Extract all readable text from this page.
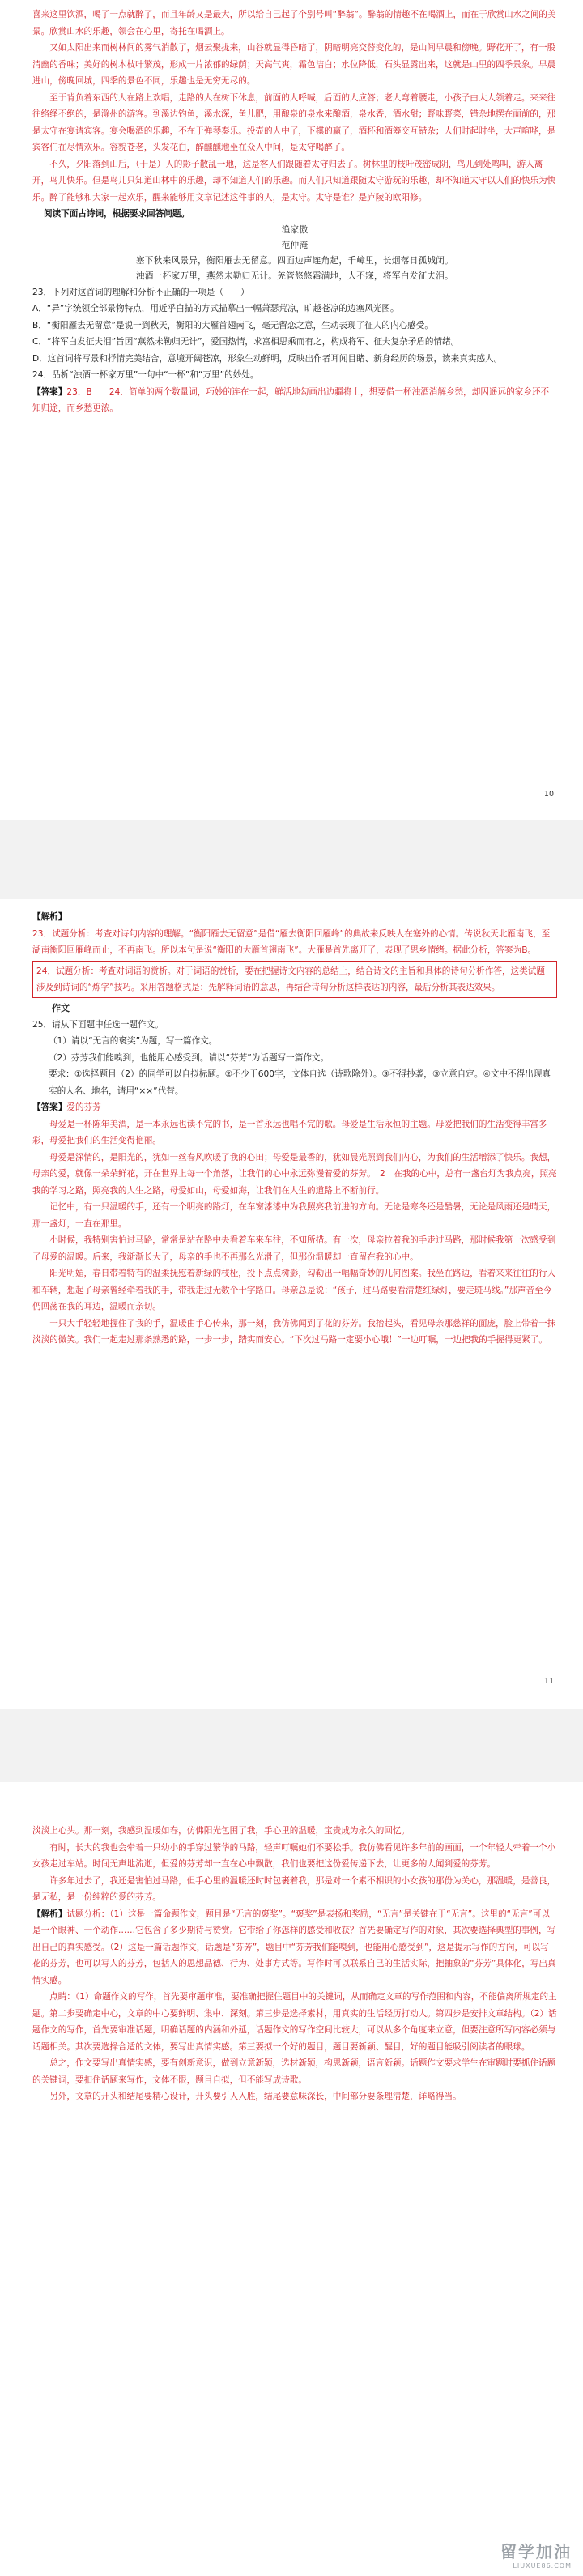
喜来这里饮酒，喝了一点就醉了，而且年龄又是最大，所以给自己起了个别号叫“醉翁”。醉翁的情趣不在喝酒上，而在于欣赏山水之间的美景。欣赏山水的乐趣，领会在心里，寄托在喝酒上。

又如太阳出来而树林间的雾气消散了，烟云聚拢来，山谷就显得昏暗了，阴暗明亮交替变化的，是山间早晨和傍晚。野花开了，有一股清幽的香味；美好的树木枝叶繁茂，形成一片浓郁的绿荫；天高气爽，霜色洁白；水位降低，石头显露出来，这就是山里的四季景象。早晨进山，傍晚回城，四季的景色不同，乐趣也是无穷无尽的。

至于背负着东西的人在路上欢唱，走路的人在树下休息，前面的人呼喊，后面的人应答；老人弯着腰走，小孩子由大人领着走。来来往往络绎不绝的，是滁州的游客。到溪边钓鱼，溪水深，鱼儿肥，用酿泉的泉水来酿酒，泉水香，酒水甜；野味野菜，错杂地摆在面前的，那是太守在宴请宾客。宴会喝酒的乐趣，不在于弹琴奏乐。投壶的人中了，下棋的赢了，酒杯和酒筹交互错杂；人们时起时坐，大声喧哗，是宾客们在尽情欢乐。容貌苍老，头发花白，醉醺醺地坐在众人中间，是太守喝醉了。

不久，夕阳落到山后，（于是）人的影子散乱一地，这是客人们跟随着太守归去了。树林里的枝叶茂密成阴，鸟儿到处鸣叫，游人离开，鸟儿快乐。但是鸟儿只知道山林中的乐趣，却不知道人们的乐趣。而人们只知道跟随太守游玩的乐趣，却不知道太守以人们的快乐为快乐。醉了能够和大家一起欢乐，醒来能够用文章记述这件事的人，是太守。太守是谁？是庐陵的欧阳修。

阅读下面古诗词，根据要求回答问题。

渔家傲

范仲淹

塞下秋来风景异，衡阳雁去无留意。四面边声连角起，千嶂里，长烟落日孤城闭。

浊酒一杯家万里，燕然未勒归无计。羌管悠悠霜满地，人不寐，将军白发征夫泪。

23．下列对这首词的理解和分析不正确的一项是（　　）

A．“异”字统领全部景物特点，用近乎白描的方式描摹出一幅萧瑟荒凉，旷越苍凉的边塞风光图。

B．“衡阳雁去无留意”是说一到秋天，衡阳的大雁首翅南飞，毫无留恋之意，生动表现了征人的内心感受。

C．“将军白发征夫泪”旨因“燕然未勒归无计”，爱国热情，求富相思乘而有之，构成将军、征夫复杂矛盾的情绪。

D．这首词将写景和抒情完美结合，意境开阔苍凉，形象生动鲜明，反映出作者耳闻目睹、新身经历的场景，读来真实感人。

24．品析“浊酒一杯家万里”一句中“一杯”和“万里”的妙处。

【答案】23．B　　24．简单的两个数量词，巧妙的连在一起，鲜活地勾画出边疆将士，想要借一杯浊酒消解乡愁，却因遥远的家乡还不知归途，而乡愁更浓。

10

【解析】

23．试题分析：考查对诗句内容的理解。“衡阳雁去无留意”是借“雁去衡阳回雁峰”的典故来反映人在塞外的心情。传说秋天北雁南飞，至湖南衡阳回雁峰而止，不再南飞。所以本句是说“衡阳的大雁首翅南飞”。大雁是首先离开了，表现了思乡情绪。据此分析，答案为B。

24．试题分析：考查对词语的赏析。对于词语的赏析，要在把握诗文内容的总结上，结合诗文的主旨和具体的诗句分析作答，这类试题涉及到诗词的“炼字”技巧。采用答题格式是：先解释词语的意思，再结合诗句分析这样表达的内容，最后分析其表达效果。

作文

25．请从下面题中任选一题作文。

（1）请以“无言的褒奖”为题，写一篇作文。

（2）芬芳我们能嗅到，也能用心感受到。请以“芬芳”为话题写一篇作文。

要求：①选择题目（2）的同学可以自拟标题。②不少于600字，文体自选（诗歌除外）。③不得抄袭，③立意自定。④文中不得出现真实的人名、地名，请用“××”代替。

【答案】爱的芬芳

母爱是一杯陈年美酒，是一本永远也读不完的书，是一首永远也唱不完的歌。母爱是生活永恒的主题。母爱把我们的生活变得丰富多彩，母爱把我们的生活变得艳丽。

母爱是深情的，是阳光的，犹如一丝春风吹暖了我的心田；母爱是最香的，犹如晨光照到我们内心，为我们的生活增添了快乐。我想，母亲的爱，就像一朵朵鲜花，开在世界上每一个角落，让我们的心中永远弥漫着爱的芬芳。　2　在我的心中，总有一盏台灯为我点亮，照亮我的学习之路，照亮我的人生之路，母爱如山，母爱如海，让我们在人生的道路上不断前行。

记忆中，有一只温暖的手，还有一个明亮的路灯，在车窗漆漆中为我照亮我前进的方向。无论是寒冬还是酷暑，无论是风雨还是晴天，那一盏灯，一直在那里。

小时候，我特别害怕过马路，常常是站在路中央看着车来车往，不知所措。有一次，母亲拉着我的手走过马路，那时候我第一次感受到了母爱的温暖。后来，我渐渐长大了，母亲的手也不再那么光滑了，但那份温暖却一直留在我的心中。

阳光明媚，春日带着特有的温柔抚慰着新绿的枝桠，投下点点树影，勾勒出一幅幅奇妙的几何图案。我坐在路边，看着来来往往的行人和车辆，想起了母亲曾经牵着我的手，带我走过无数个十字路口。母亲总是说：“孩子，过马路要看清楚红绿灯，要走斑马线。”那声音至今仍回荡在我的耳边，温暖而亲切。

一只大手轻轻地握住了我的手，温暖由手心传来，那一刻，我仿佛闻到了花的芬芳。我抬起头，看见母亲那慈祥的面庞，脸上带着一抹淡淡的微笑。我们一起走过那条熟悉的路，一步一步，踏实而安心。“下次过马路一定要小心哦！”一边叮嘱，一边把我的手握得更紧了。

11

淡淡上心头。那一刻，我感到温暖如春，仿佛阳光包围了我，手心里的温暖，宝贵成为永久的回忆。

有时，长大的我也会牵着一只幼小的手穿过繁华的马路，轻声叮嘱她们不要松手。我仿佛看见许多年前的画面，一个年轻人牵着一个小女孩走过车站。时间无声地流逝，但爱的芬芳却一直在心中飘散，我们也要把这份爱传递下去，让更多的人闻到爱的芬芳。

许多年过去了，我还是害怕过马路，但手心里的温暖还时时包裹着我，那是对一个素不相识的小女孩的那份为关心，那温暖，是善良，是无私，是一份纯粹的爱的芬芳。

【解析】试题分析：（1）这是一篇命题作文，题目是“无言的褒奖”。“褒奖”是表扬和奖励，“无言”是关键在于“无言”。这里的“无言”可以是一个眼神、一个动作……它包含了多少期待与赞赏。它带给了你怎样的感受和收获？首先要确定写作的对象，其次要选择典型的事例，写出自己的真实感受。（2）这是一篇话题作文，话题是“芬芳”，题目中“芬芳我们能嗅到，也能用心感受到”，这是提示写作的方向，可以写花的芬芳，也可以写人的芬芳，包括人的思想品德、行为、处事方式等。写作时可以联系自己的生活实际，把抽象的“芬芳”具体化，写出真情实感。

点睛：（1）命题作文的写作，首先要审题审准，要准确把握住题目中的关键词，从而确定文章的写作范围和内容，不能偏离所规定的主题。第二步要确定中心，文章的中心要鲜明、集中、深刻。第三步是选择素材，用真实的生活经历打动人。第四步是安排文章结构。（2）话题作文的写作，首先要审准话题，明确话题的内涵和外延，话题作文的写作空间比较大，可以从多个角度来立意，但要注意所写内容必须与话题相关。其次要选择合适的文体，要写出真情实感。第三要拟一个好的题目，题目要新颖、醒目，好的题目能吸引阅读者的眼球。

总之，作文要写出真情实感，要有创新意识，做到立意新颖，选材新颖，构思新颖，语言新颖。话题作文要求学生在审题时要抓住话题的关键词，要扣住话题来写作，文体不限，题目自拟，但不能写成诗歌。

另外，文章的开头和结尾要精心设计，开头要引人入胜，结尾要意味深长，中间部分要条理清楚，详略得当。

留学加油
LIUXUE86.COM
